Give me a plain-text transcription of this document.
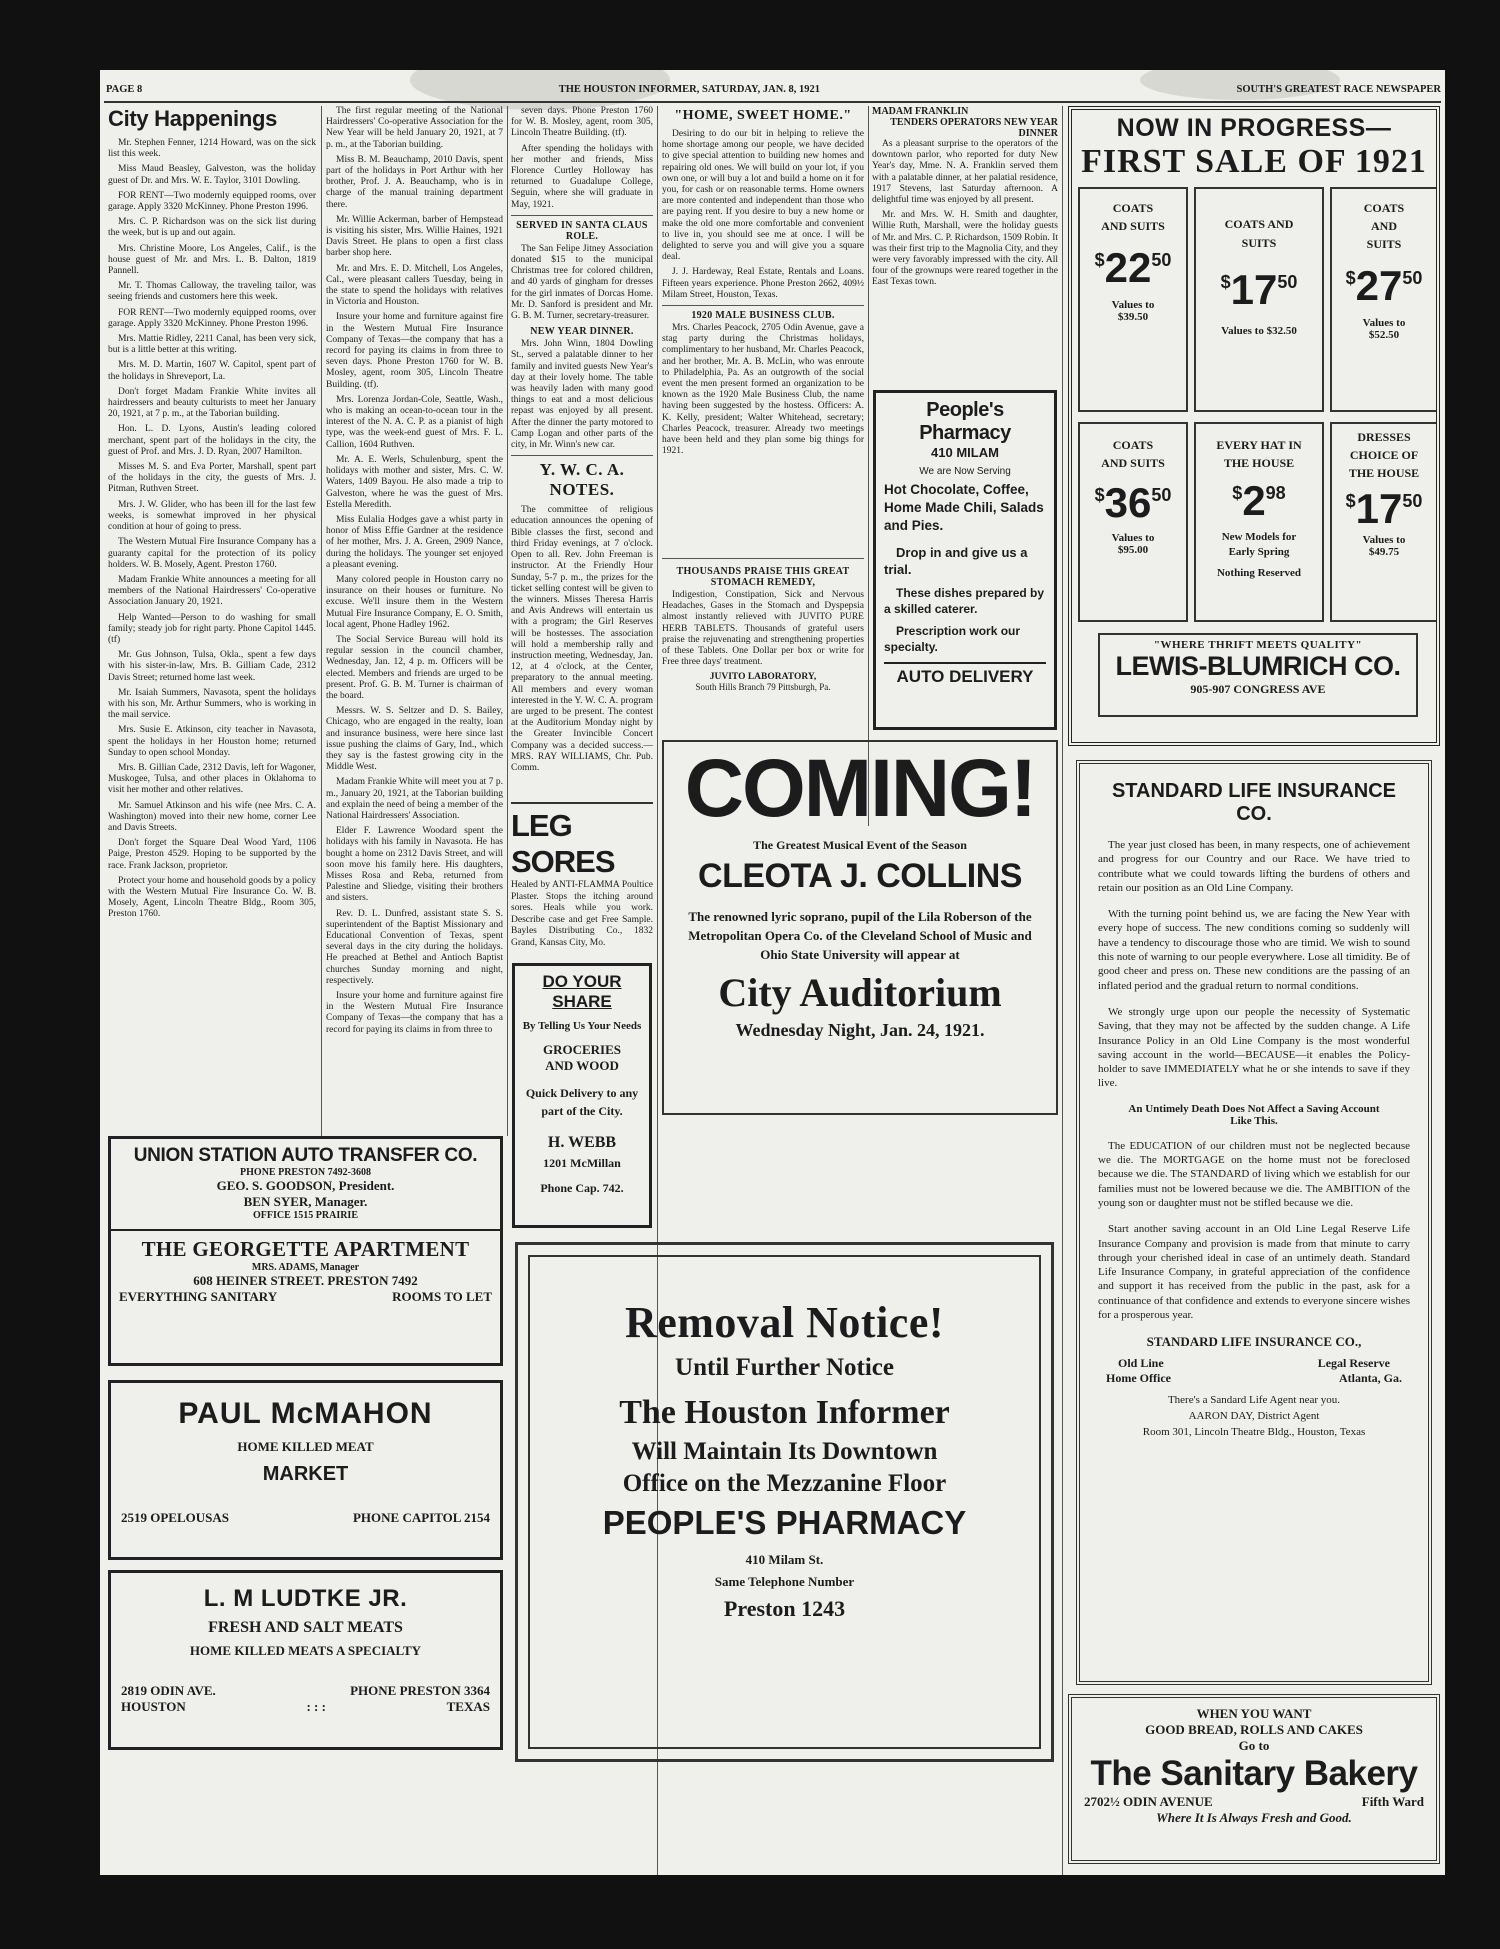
PAGE 8	THE HOUSTON INFORMER, SATURDAY, JAN. 8, 1921	SOUTH'S GREATEST RACE NEWSPAPER
City Happenings

Mr. Stephen Fenner, 1214 Howard, was on the sick list this week.

Miss Maud Beasley, Galveston, was the holiday guest of Dr. and Mrs. W. E. Taylor, 3101 Dowling.

FOR RENT—Two modernly equipped rooms, over garage. Apply 3320 McKinney. Phone Preston 1996.

Mrs. C. P. Richardson was on the sick list during the week, but is up and out again.

Mrs. Christine Moore, Los Angeles, Calif., is the house guest of Mr. and Mrs. L. B. Dalton, 1819 Pannell.

Mr. T. Thomas Calloway, the traveling tailor, was seeing friends and customers here this week.

FOR RENT—Two modernly equipped rooms, over garage. Apply 3320 McKinney. Phone Preston 1996.

Mrs. Mattie Ridley, 2211 Canal, has been very sick, but is a little better at this writing.

Mrs. M. D. Martin, 1607 W. Capitol, spent part of the holidays in Shreveport, La.

Don't forget Madam Frankie White invites all hairdressers and beauty culturists to meet her January 20, 1921, at 7 p. m., at the Taborian building.

Hon. L. D. Lyons, Austin's leading colored merchant, spent part of the holidays in the city, the guest of Prof. and Mrs. J. D. Ryan, 2007 Hamilton.

Misses M. S. and Eva Porter, Marshall, spent part of the holidays in the city, the guests of Mrs. J. Pitman, Ruthven Street.

Mrs. J. W. Glider, who has been ill for the last few weeks, is somewhat improved in her physical condition at hour of going to press.

The Western Mutual Fire Insurance Company has a guaranty capital for the protection of its policy holders. W. B. Mosely, Agent. Preston 1760.

Madam Frankie White announces a meeting for all members of the National Hairdressers' Co-operative Association January 20, 1921.

Help Wanted—Person to do washing for small family; steady job for right party. Phone Capitol 1445. (tf)

Mr. Gus Johnson, Tulsa, Okla., spent a few days with his sister-in-law, Mrs. B. Gilliam Cade, 2312 Davis Street; returned home last week.

Mr. Isaiah Summers, Navasota, spent the holidays with his son, Mr. Arthur Summers, who is working in the mail service.

Mrs. Susie E. Atkinson, city teacher in Navasota, spent the holidays in her Houston home; returned Sunday to open school Monday.

Mrs. B. Gillian Cade, 2312 Davis, left for Wagoner, Muskogee, Tulsa, and other places in Oklahoma to visit her mother and other relatives.

Mr. Samuel Atkinson and his wife (nee Mrs. C. A. Washington) moved into their new home, corner Lee and Davis Streets.

Don't forget the Square Deal Wood Yard, 1106 Paige, Preston 4529. Hoping to be supported by the race. Frank Jackson, proprietor.

Protect your home and household goods by a policy with the Western Mutual Fire Insurance Co. W. B. Mosely, Agent, Lincoln Theatre Bldg., Room 305, Preston 1760.

The first regular meeting of the National Hairdressers' Co-operative Association for the New Year will be held January 20, 1921, at 7 p. m., at the Taborian building.

Miss B. M. Beauchamp, 2010 Davis, spent part of the holidays in Port Arthur with her brother, Prof. J. A. Beauchamp, who is in charge of the manual training department there.

Mr. Willie Ackerman, barber of Hempstead is visiting his sister, Mrs. Willie Haines, 1921 Davis Street. He plans to open a first class barber shop here.

Mr. and Mrs. E. D. Mitchell, Los Angeles, Cal., were pleasant callers Tuesday, being in the state to spend the holidays with relatives in Victoria and Houston.

Insure your home and furniture against fire in the Western Mutual Fire Insurance Company of Texas—the company that has a record for paying its claims in from three to seven days. Phone Preston 1760 for W. B. Mosley, agent, room 305, Lincoln Theatre Building. (tf).

Mrs. Lorenza Jordan-Cole, Seattle, Wash., who is making an ocean-to-ocean tour in the interest of the N. A. C. P. as a pianist of high type, was the week-end guest of Mrs. F. L. Callion, 1604 Ruthven.

Mr. A. E. Werls, Schulenburg, spent the holidays with mother and sister, Mrs. C. W. Waters, 1409 Bayou. He also made a trip to Galveston, where he was the guest of Mrs. Estella Meredith.

Miss Eulalia Hodges gave a whist party in honor of Miss Effie Gardner at the residence of her mother, Mrs. J. A. Green, 2909 Nance, during the holidays. The younger set enjoyed a pleasant evening.

Many colored people in Houston carry no insurance on their houses or furniture. No excuse. We'll insure them in the Western Mutual Fire Insurance Company, E. O. Smith, local agent, Phone Hadley 1962.

The Social Service Bureau will hold its regular session in the council chamber, Wednesday, Jan. 12, 4 p. m. Officers will be elected. Members and friends are urged to be present. Prof. G. B. M. Turner is chairman of the board.

Messrs. W. S. Seltzer and D. S. Bailey, Chicago, who are engaged in the realty, loan and insurance business, were here since last issue pushing the claims of Gary, Ind., which they say is the fastest growing city in the Middle West.

Madam Frankie White will meet you at 7 p. m., January 20, 1921, at the Taborian building and explain the need of being a member of the National Hairdressers' Association.

Elder F. Lawrence Woodard spent the holidays with his family in Navasota. He has bought a home on 2312 Davis Street, and will soon move his family here. His daughters, Misses Rosa and Reba, returned from Palestine and Sliedge, visiting their brothers and sisters.

Rev. D. L. Dunfred, assistant state S. S. superintendent of the Baptist Missionary and Educational Convention of Texas, spent several days in the city during the holidays. He preached at Bethel and Antioch Baptist churches Sunday morning and night, respectively.

Insure your home and furniture against fire in the Western Mutual Fire Insurance Company of Texas—the company that has a record for paying its claims in from three to

seven days. Phone Preston 1760 for W. B. Mosley, agent, room 305, Lincoln Theatre Building. (tf).

After spending the holidays with her mother and friends, Miss Florence Curtley Holloway has returned to Guadalupe College, Seguin, where she will graduate in May, 1921.

SERVED IN SANTA CLAUS ROLE.

The San Felipe Jitney Association donated $15 to the municipal Christmas tree for colored children, and 40 yards of gingham for dresses for the girl inmates of Dorcas Home. Mr. D. Sanford is president and Mr. G. B. M. Turner, secretary-treasurer.

NEW YEAR DINNER.

Mrs. John Winn, 1804 Dowling St., served a palatable dinner to her family and invited guests New Year's day at their lovely home. The table was heavily laden with many good things to eat and a most delicious repast was enjoyed by all present. After the dinner the party motored to Camp Logan and other parts of the city, in Mr. Winn's new car.

Y. W. C. A. NOTES.

The committee of religious education announces the opening of Bible classes the first, second and third Friday evenings, at 7 o'clock. Open to all. Rev. John Freeman is instructor. At the Friendly Hour Sunday, 5-7 p. m., the prizes for the ticket selling contest will be given to the winners. Misses Theresa Harris and Avis Andrews will entertain us with a program; the Girl Reserves will be hostesses. The association will hold a membership rally and instruction meeting, Wednesday, Jan. 12, at 4 o'clock, at the Center, preparatory to the annual meeting. All members and every woman interested in the Y. W. C. A. program are urged to be present. The contest at the Auditorium Monday night by the Greater Invincible Concert Company was a decided success.—MRS. RAY WILLIAMS, Chr. Pub. Comm.

"HOME, SWEET HOME."

Desiring to do our bit in helping to relieve the home shortage among our people, we have decided to give special attention to building new homes and repairing old ones. We will build on your lot, if you own one, or will buy a lot and build a home on it for you, for cash or on reasonable terms. Home owners are more contented and independent than those who are paying rent. If you desire to buy a new home or make the old one more comfortable and convenient to live in, you should see me at once. I will be delighted to serve you and will give you a square deal.

J. J. Hardeway, Real Estate, Rentals and Loans. Fifteen years experience. Phone Preston 2662, 409½ Milam Street, Houston, Texas.

1920 MALE BUSINESS CLUB.

Mrs. Charles Peacock, 2705 Odin Avenue, gave a stag party during the Christmas holidays, complimentary to her husband, Mr. Charles Peacock, and her brother, Mr. A. B. McLin, who was enroute to Philadelphia, Pa. As an outgrowth of the social event the men present formed an organization to be known as the 1920 Male Business Club, the name having been suggested by the hostess. Officers: A. K. Kelly, president; Walter Whitehead, secretary; Charles Peacock, treasurer. Already two meetings have been held and they plan some big things for 1921.

THOUSANDS PRAISE THIS GREAT STOMACH REMEDY,

Indigestion, Constipation, Sick and Nervous Headaches, Gases in the Stomach and Dyspepsia almost instantly relieved with JUVITO PURE HERB TABLETS. Thousands of grateful users praise the rejuvenating and strengthening properties of these Tablets. One Dollar per box or write for Free three days' treatment.

JUVITO LABORATORY,
South Hills Branch 79 Pittsburgh, Pa.
MADAM FRANKLIN
TENDERS OPERATORS NEW YEAR DINNER

As a pleasant surprise to the operators of the downtown parlor, who reported for duty New Year's day, Mme. N. A. Franklin served them with a palatable dinner, at her palatial residence, 1917 Stevens, last Saturday afternoon. A delightful time was enjoyed by all present.

Mr. and Mrs. W. H. Smith and daughter, Willie Ruth, Marshall, were the holiday guests of Mr. and Mrs. C. P. Richardson, 1509 Robin. It was their first trip to the Magnolia City, and they were very favorably impressed with the city. All four of the grownups were reared together in the East Texas town.

People's Pharmacy
410 MILAM
We are Now Serving
Hot Chocolate, Coffee, Home Made Chili, Salads and Pies.
Drop in and give us a trial.
These dishes prepared by a skilled caterer.
Prescription work our specialty.
AUTO DELIVERY
NOW IN PROGRESS—
FIRST SALE OF 1921
COATS AND SUITS
$^{\$}22^{50}$
Values to
$39.50
COATS AND SUITS
$^{\$}17^{50}$
Values to $32.50
COATS AND SUITS
$^{\$}27^{50}$
Values to
$52.50
COATS AND SUITS
$^{\$}36^{50}$
Values to
$95.00
EVERY HAT IN THE HOUSE
$^{\$}2^{98}$
New Models for Early Spring
Nothing Reserved
DRESSES CHOICE OF THE HOUSE
$^{\$}17^{50}$
Values to
$49.75
"WHERE THRIFT MEETS QUALITY"
LEWIS-BLUMRICH CO.
905-907 CONGRESS AVE
UNION STATION AUTO TRANSFER CO.
PHONE PRESTON 7492-3608
GEO. S. GOODSON, President.
BEN SYER, Manager.
OFFICE 1515 PRAIRIE
THE GEORGETTE APARTMENT
MRS. ADAMS, Manager
608 HEINER STREET. PRESTON 7492
EVERYTHING SANITARY	ROOMS TO LET
PAUL McMAHON
HOME KILLED MEAT
MARKET
2519 OPELOUSAS	PHONE CAPITOL 2154
L. M LUDTKE JR.
FRESH AND SALT MEATS
HOME KILLED MEATS A SPECIALTY
2819 ODIN AVE.	PHONE PRESTON 3364
HOUSTON	: : :	TEXAS
LEG SORES
Healed by ANTI-FLAMMA Poultice Plaster. Stops the itching around sores. Heals while you work. Describe case and get Free Sample. Bayles Distributing Co., 1832 Grand, Kansas City, Mo.
DO YOUR SHARE
By Telling Us Your Needs
GROCERIES
AND WOOD
Quick Delivery to any part of the City.
H. WEBB
1201 McMillan
Phone Cap. 742.
COMING!
The Greatest Musical Event of the Season
CLEOTA J. COLLINS
The renowned lyric soprano, pupil of the Lila Roberson of the Metropolitan Opera Co. of the Cleveland School of Music and Ohio State University will appear at
City Auditorium
Wednesday Night, Jan. 24, 1921.
Removal Notice!
Until Further Notice
The Houston Informer
Will Maintain Its Downtown
Office on the Mezzanine Floor
PEOPLE'S PHARMACY
410 Milam St.
Same Telephone Number
Preston 1243
STANDARD LIFE INSURANCE CO.

The year just closed has been, in many respects, one of achievement and progress for our Country and our Race. We have tried to contribute what we could towards lifting the burdens of others and retain our position as an Old Line Company.

With the turning point behind us, we are facing the New Year with every hope of success. The new conditions coming so suddenly will have a tendency to discourage those who are timid. We wish to sound this note of warning to our people everywhere. Lose all timidity. Be of good cheer and press on. These new conditions are the passing of an inflated period and the gradual return to normal conditions.

We strongly urge upon our people the necessity of Systematic Saving, that they may not be affected by the sudden change. A Life Insurance Policy in an Old Line Company is the most wonderful saving account in the world—BECAUSE—it enables the Policy-holder to save IMMEDIATELY what he or she intends to save if they live.

An Untimely Death Does Not Affect a Saving Account Like This.

The EDUCATION of our children must not be neglected because we die. The MORTGAGE on the home must not be foreclosed because we die. The STANDARD of living which we establish for our families must not be lowered because we die. The AMBITION of the young son or daughter must not be stifled because we die.

Start another saving account in an Old Line Legal Reserve Life Insurance Company and provision is made from that minute to carry through your cherished ideal in case of an untimely death. Standard Life Insurance Company, in grateful appreciation of the confidence and support it has received from the public in the past, ask for a continuance of that confidence and extends to everyone sincere wishes for a prosperous year.

STANDARD LIFE INSURANCE CO.,
Old Line	Legal Reserve
Home Office	Atlanta, Ga.
There's a Sandard Life Agent near you.
AARON DAY, District Agent
Room 301, Lincoln Theatre Bldg., Houston, Texas
WHEN YOU WANT
GOOD BREAD, ROLLS AND CAKES
Go to
The Sanitary Bakery
2702½ ODIN AVENUE	Fifth Ward
Where It Is Always Fresh and Good.
